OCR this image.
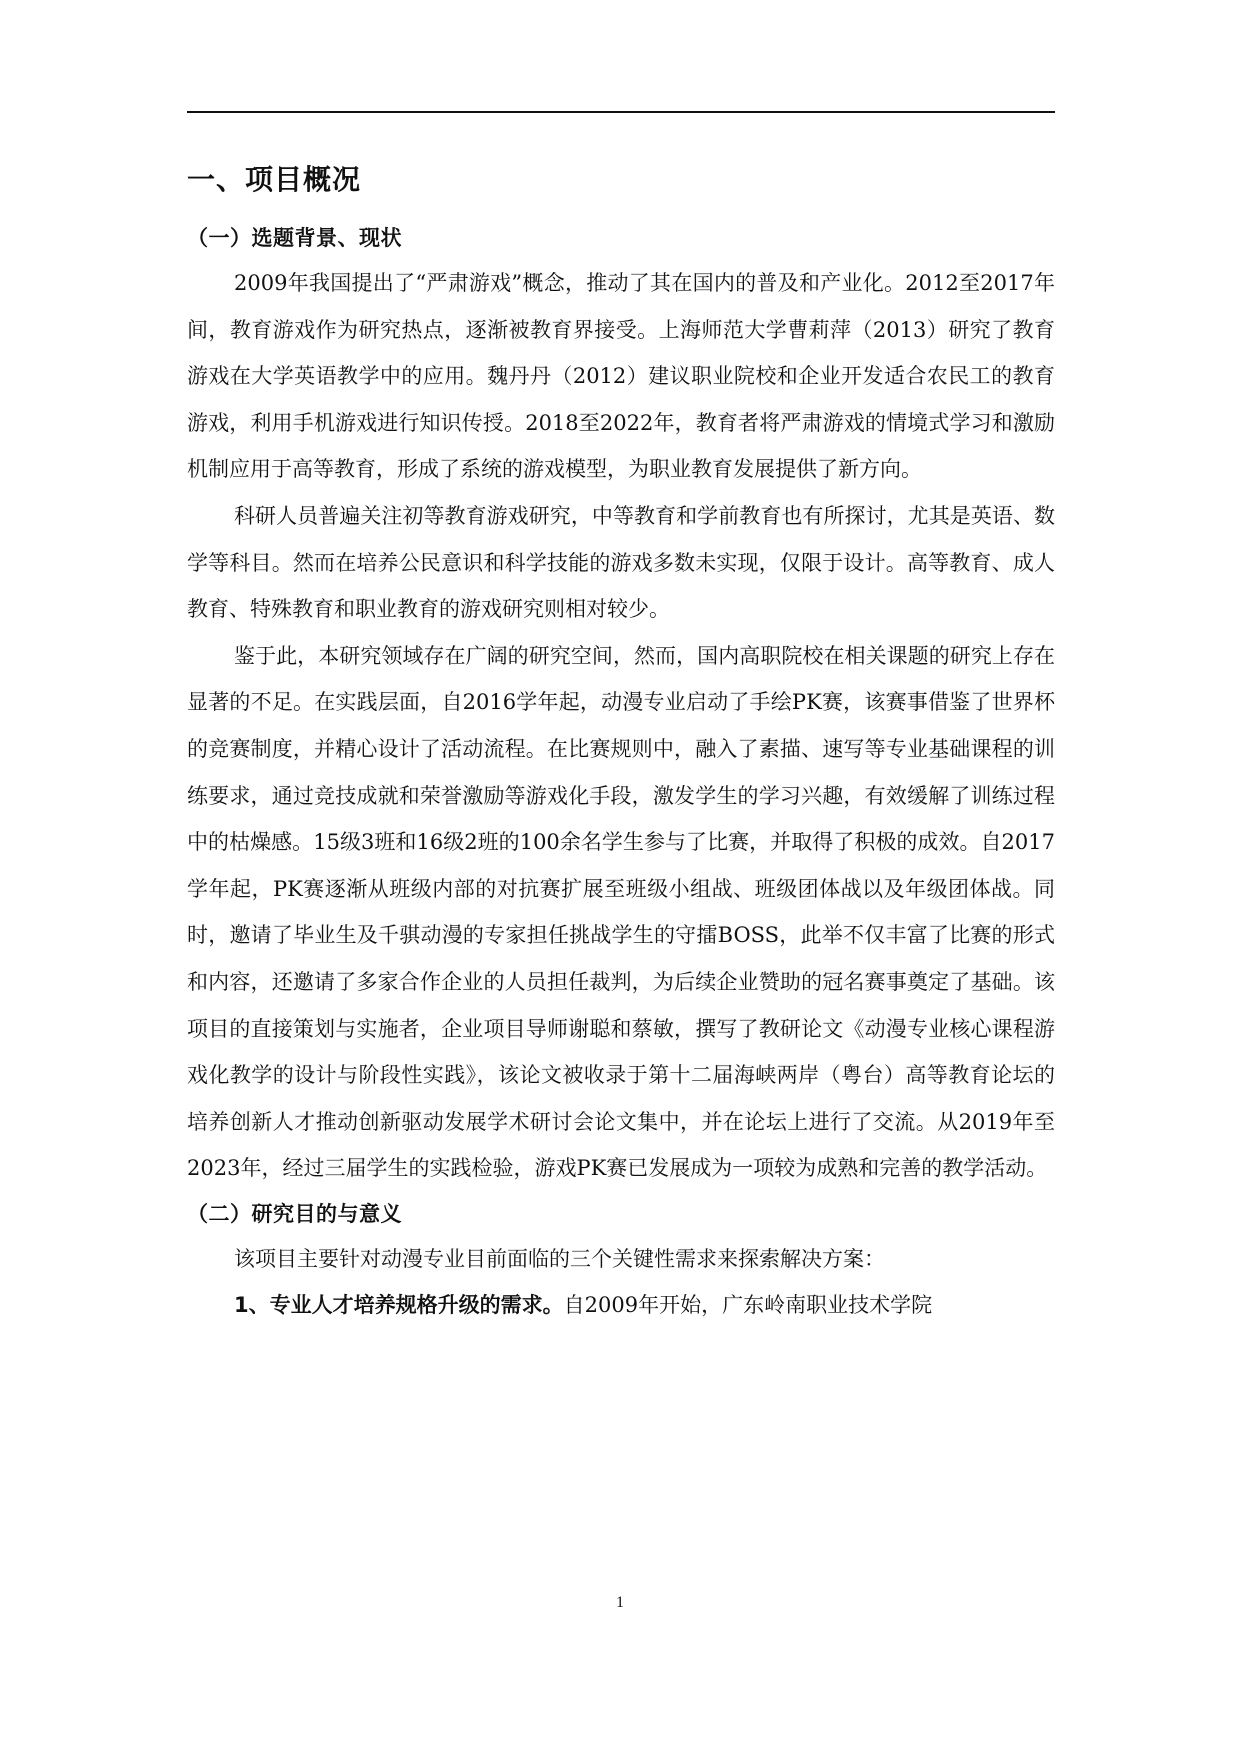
一、项目概况
（一）选题背景、现状

2009年我国提出了“严肃游戏”概念，推动了其在国内的普及和产业化。2012至2017年间，教育游戏作为研究热点，逐渐被教育界接受。上海师范大学曹莉萍（2013）研究了教育游戏在大学英语教学中的应用。魏丹丹（2012）建议职业院校和企业开发适合农民工的教育游戏，利用手机游戏进行知识传授。2018至2022年，教育者将严肃游戏的情境式学习和激励机制应用于高等教育，形成了系统的游戏模型，为职业教育发展提供了新方向。

科研人员普遍关注初等教育游戏研究，中等教育和学前教育也有所探讨，尤其是英语、数学等科目。然而在培养公民意识和科学技能的游戏多数未实现，仅限于设计。高等教育、成人教育、特殊教育和职业教育的游戏研究则相对较少。

鉴于此，本研究领域存在广阔的研究空间，然而，国内高职院校在相关课题的研究上存在显著的不足。在实践层面，自2016学年起，动漫专业启动了手绘PK赛，该赛事借鉴了世界杯的竞赛制度，并精心设计了活动流程。在比赛规则中，融入了素描、速写等专业基础课程的训练要求，通过竞技成就和荣誉激励等游戏化手段，激发学生的学习兴趣，有效缓解了训练过程中的枯燥感。15级3班和16级2班的100余名学生参与了比赛，并取得了积极的成效。自2017学年起，PK赛逐渐从班级内部的对抗赛扩展至班级小组战、班级团体战以及年级团体战。同时，邀请了毕业生及千骐动漫的专家担任挑战学生的守擂BOSS，此举不仅丰富了比赛的形式和内容，还邀请了多家合作企业的人员担任裁判，为后续企业赞助的冠名赛事奠定了基础。该项目的直接策划与实施者，企业项目导师谢聪和蔡敏，撰写了教研论文《动漫专业核心课程游戏化教学的设计与阶段性实践》，该论文被收录于第十二届海峡两岸（粤台）高等教育论坛的培养创新人才推动创新驱动发展学术研讨会论文集中，并在论坛上进行了交流。从2019年至2023年，经过三届学生的实践检验，游戏PK赛已发展成为一项较为成熟和完善的教学活动。

（二）研究目的与意义

该项目主要针对动漫专业目前面临的三个关键性需求来探索解决方案：

1、专业人才培养规格升级的需求。自2009年开始，广东岭南职业技术学院

1
